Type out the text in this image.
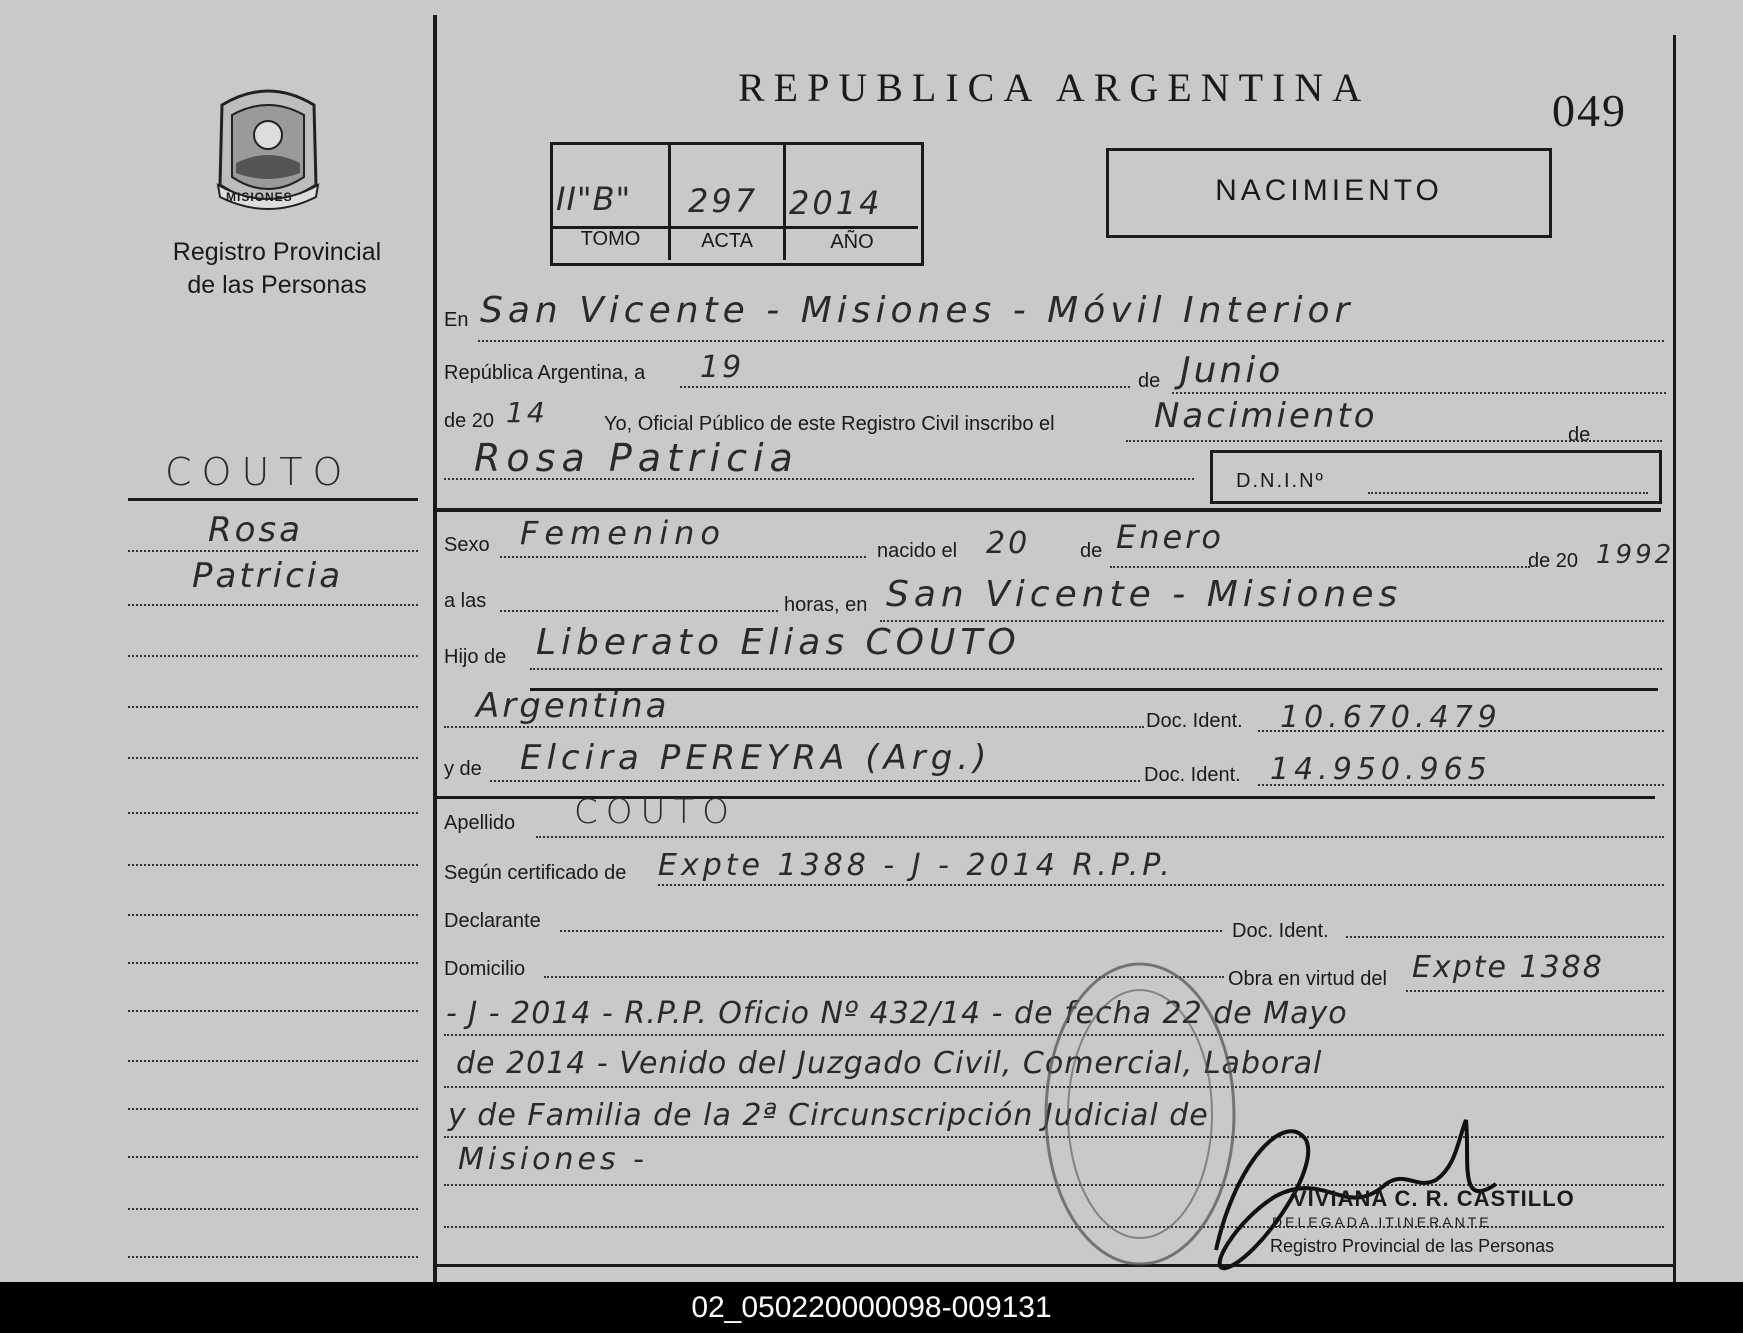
MISIONES
Registro Provincial
de las Personas
COUTO
Rosa
Patricia
REPUBLICA ARGENTINA	049
II"B" 297 2014
TOMO	ACTA	AÑO
NACIMIENTO
En San Vicente - Misiones - Móvil Interior
República Argentina, a 19	de Junio
de 20 14	Yo, Oficial Público de este Registro Civil inscribo el	Nacimiento	de
Rosa Patricia
D.N.I.Nº
Sexo Femenino	nacido el 20 de Enero
de 20 1992
a las	horas, en San Vicente - Misiones
Hijo de Liberato Elias COUTO
Argentina	Doc. Ident. 10.670.479
y de Elcira PEREYRA (Arg.)	Doc. Ident. 14.950.965
Apellido COUTO
Según certificado de Expte 1388 - J - 2014 R.P.P.
Declarante	Doc. Ident.
Domicilio	Obra en virtud del Expte 1388
- J - 2014 - R.P.P. Oficio Nº 432/14 - de fecha 22 de Mayo
de 2014 - Venido del Juzgado Civil, Comercial, Laboral
y de Familia de la 2ª Circunscripción Judicial de
Misiones -
VIVIANA C. R. CASTILLO
DELEGADA ITINERANTE
Registro Provincial de las Personas
02_050220000098-009131
